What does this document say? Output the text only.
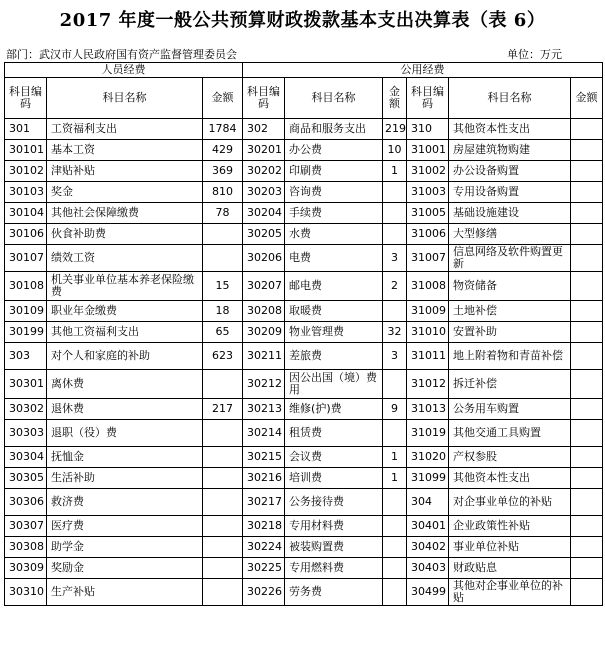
2017 年度一般公共预算财政拨款基本支出决算表（表 6）
部门：武汉市人民政府国有资产监督管理委员会	单位：万元
人员经费			公用经费					
科目编码	科目名称	金额	科目编码	科目名称	金额	科目编码	科目名称	金额
301	工资福利支出	1784	302	商品和服务支出	219	310	其他资本性支出	
30101	基本工资	429	30201	办公费	10	31001	房屋建筑物购建	
30102	津贴补贴	369	30202	印刷费	1	31002	办公设备购置	
30103	奖金	810	30203	咨询费		31003	专用设备购置	
30104	其他社会保障缴费	78	30204	手续费		31005	基础设施建设	
30106	伙食补助费		30205	水费		31006	大型修缮	
30107	绩效工资		30206	电费	3	31007	信息网络及软件购置更新	
30108	机关事业单位基本养老保险缴费	15	30207	邮电费	2	31008	物资储备	
30109	职业年金缴费	18	30208	取暖费		31009	土地补偿	
30199	其他工资福利支出	65	30209	物业管理费	32	31010	安置补助	
303	对个人和家庭的补助	623	30211	差旅费	3	31011	地上附着物和青苗补偿	
30301	离休费		30212	因公出国（境）费用		31012	拆迁补偿	
30302	退休费	217	30213	维修(护)费	9	31013	公务用车购置	
30303	退职（役）费		30214	租赁费		31019	其他交通工具购置	
30304	抚恤金		30215	会议费	1	31020	产权参股	
30305	生活补助		30216	培训费	1	31099	其他资本性支出	
30306	救济费		30217	公务接待费		304	对企事业单位的补贴	
30307	医疗费		30218	专用材料费		30401	企业政策性补贴	
30308	助学金		30224	被装购置费		30402	事业单位补贴	
30309	奖励金		30225	专用燃料费		30403	财政贴息	
30310	生产补贴		30226	劳务费		30499	其他对企事业单位的补贴	
